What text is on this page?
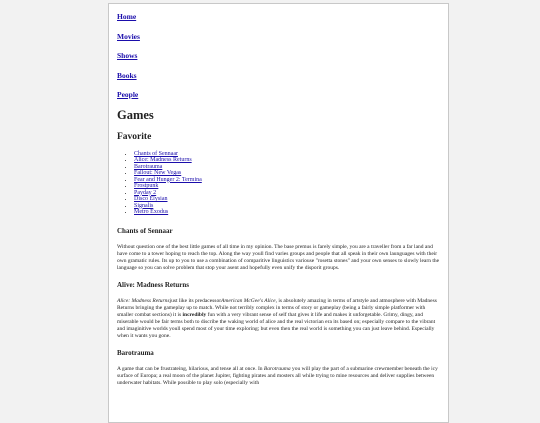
Home
Movies
Shows
Books
People
Games
Favorite
• Chants of Sennaar
• Alice: Madness Returns
• Barotrauma
• Fallout: New Vegas
• Fear and Hunger 2: Termina
• Frostpunk
• Payday 2
• Disco Elysian
• Signalis
• Metro Exodus
Chants of Sennaar

Without question one of the best little games of all time in my opinion. The base premus is farely simple, you are a traveller from a far land and have come to a tower hoping to reach the top. Along the way youll find varies groups and people that all speak in their own launguages with their own gramatic rules. Its up to you to use a combination of comparitive linguistics variouse "rosetta stones" and your own senses to slowly learn the language so you can solve problem that stop your asent and hopefully even unify the disporit groups.

Alive: Madness Returns

Alice: Madness Returnsjust like its predacessorAmerican McGee's Alice, is absolutely amazing in terms of artstyle and atmosphere with Madness Returns bringing the gameplay up to match. While not terribly complex in terms of story or gameplay (being a fairly simple platformer with smaller combat sections) it is incredibly fun with a very vibrant sense of self that gives it life and makes it unforgetable. Grimy, dingy, and miserable would be fair terms both to discribe the waking world of alice and the real victorian era its based on; especially compare to the vibrant and imaginitive worlds youll spend most of your time exploring; but even then the real world is something you can just leave behind. Especially when it wants you gone.

Barotrauma

A game that can be frustrateing, hilarious, and tense all at once. In Barotrauma you will play the part of a submarine crewmember beneath the icy surface of Europa; a real moon of the planet Jupiter, fighting pirates and mosters all while trying to mine resources and deliver supplies between underwater habitats. While possible to play solo (especially with
